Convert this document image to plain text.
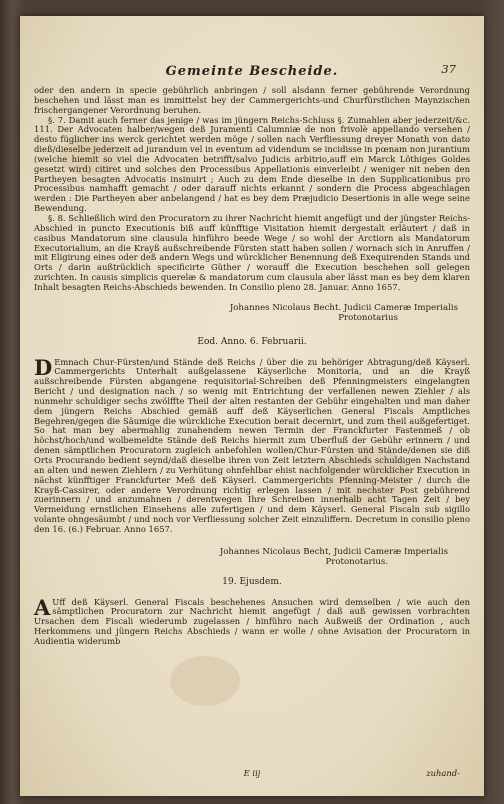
Gemeinte Bescheide.	37

oder den andern in specie gebührlich anbringen / soll alsdann ferner gebührende Verordnung beschehen und lässt man es immittelst bey der Cammergerichts-und Churfürstlichen Maynzischen frischergangener Verordnung beruhen.

§. 7. Damit auch ferner das jenige / was im jüngern Reichs-Schluss §. Zumahlen aber jederzeit/&c. 111. Der Advocaten halber/wegen deß Juramenti Calumniæ de non frivolè appellando versehen / desto füglicher ins werck gerichtet werden möge / sollen nach Verfliessung dreyer Monath von dato dieß/dieselbe jederzeit ad jurandum vel in eventum ad videndum se incidisse in pœnam non jurantium (welche hiemit so viel die Advocaten betrifft/salvo Judicis arbitrio,auff ein Marck Löthiges Goldes gesetzt wird) citiret und solches den Processibus Appellationis einverleibt / weniger nit neben den Partheyen besagten Advocatis insinuirt ; Auch zu dem Ende dieselbe in den Supplicationibus pro Processibus namhafft gemacht / oder darauff nichts erkannt / sondern die Process abgeschlagen werden : Die Partheyen aber anbelangend / hat es bey dem Præjudicio Desertionis in alle wege seine Bewendung.

§. 8. Schließlich wird den Procuratorn zu ihrer Nachricht hiemit angefügt und der jüngster Reichs-Abschied in puncto Executionis biß auff künfftige Visitation hiemit dergestalt erläutert / daß in casibus Mandatorum sine clausula hinführo beede Wege / so wohl der Arctiorn als Mandatorum Executorialium, an die Krayß außschreibende Fürsten statt haben sollen / wornach sich in Anruffen / mit Eligirung eines oder deß andern Wegs und würcklicher Benennung deß Exequirenden Stands und Orts / darin außtrücklich specificirte Güther / worauff die Execution beschehen soll gelegen zurichten. In causis simplicis querelæ & mandatorum cum clausula aber lässt man es bey dem klaren Inhalt besagten Reichs-Abschieds bewenden. In Consilio pleno 28. Januar. Anno 1657.

Johannes Nicolaus Becht. Judicii Cameræ Imperialis
Protonotarius
Eod. Anno. 6. Februarii.

D Emnach Chur-Fürsten/und Stände deß Reichs / über die zu behöriger Abtragung/deß Käyserl. Cammergerichts Unterhalt außgelassene Käyserliche Monitoria, und an die Krayß außschreibende Fürsten abgangene requisitorial-Schreiben deß Pfenningmeisters eingelangten Bericht / und designation nach / so wenig mit Entrichtung der verfallenen newen Ziehler / als nunmehr schuldiger sechs zwölffte Theil der alten restanten der Gebühr eingehalten und man daher dem jüngern Reichs Abschied gemäß auff deß Käyserlichen General Fiscals Amptliches Begehren/gegen die Säumige die würckliche Execution berait decernirt, und zum theil außgefertiget. So hat man bey abermahlig zunahendem newen Termin der Franckfurter Fastenmeß / ob höchst/hoch/und wolbemeldte Stände deß Reichs hiermit zum Uberfluß der Gebühr erinnern / und denen sämptlichen Procuratorn zugleich anbefohlen wollen/Chur-Fürsten und Stände/denen sie diß Orts Procurando bedient seynd/daß dieselbe ihren von Zeit letztern Abschieds schuldigen Nachstand an alten und newen Ziehlern / zu Verhütung ohnfehlbar ehist nachfolgender würcklicher Execution in nächst künfftiger Franckfurter Meß deß Käyserl. Cammergerichts Pfenning-Meister / durch die Krayß-Cassirer, oder andere Verordnung richtig erlegen lassen / mit nechster Post gebührend zuerinnern / und anzumahnen / derentwegen Ihre Schreiben innerhalb acht Tagen Zeit / bey Vermeidung ernstlichen Einsehens alle zufertigen / und dem Käyserl. General Fiscaln sub sigillo volante ohngesäumbt / und noch vor Verfliessung solcher Zeit einzuliffern. Decretum in consilio pleno den 16. (6.) Februar. Anno 1657.

Johannes Nicolaus Becht, Judicii Cameræ Imperialis
Protonotarius.
19. Ejusdem.

A Uff deß Käyserl. General Fiscals beschehenes Ansuchen wird demselben / wie auch den sämptlichen Procuratorn zur Nachricht hiemit angefügt / daß auß gewissen vorbrachten Ursachen dem Fiscali wiederumb zugelassen / hinführo nach Außweiß der Ordination , auch Herkommens und jüngern Reichs Abschieds / wann er wolle / ohne Avisation der Procuratorn in Audientia widerumb

E iij	zuhand-
